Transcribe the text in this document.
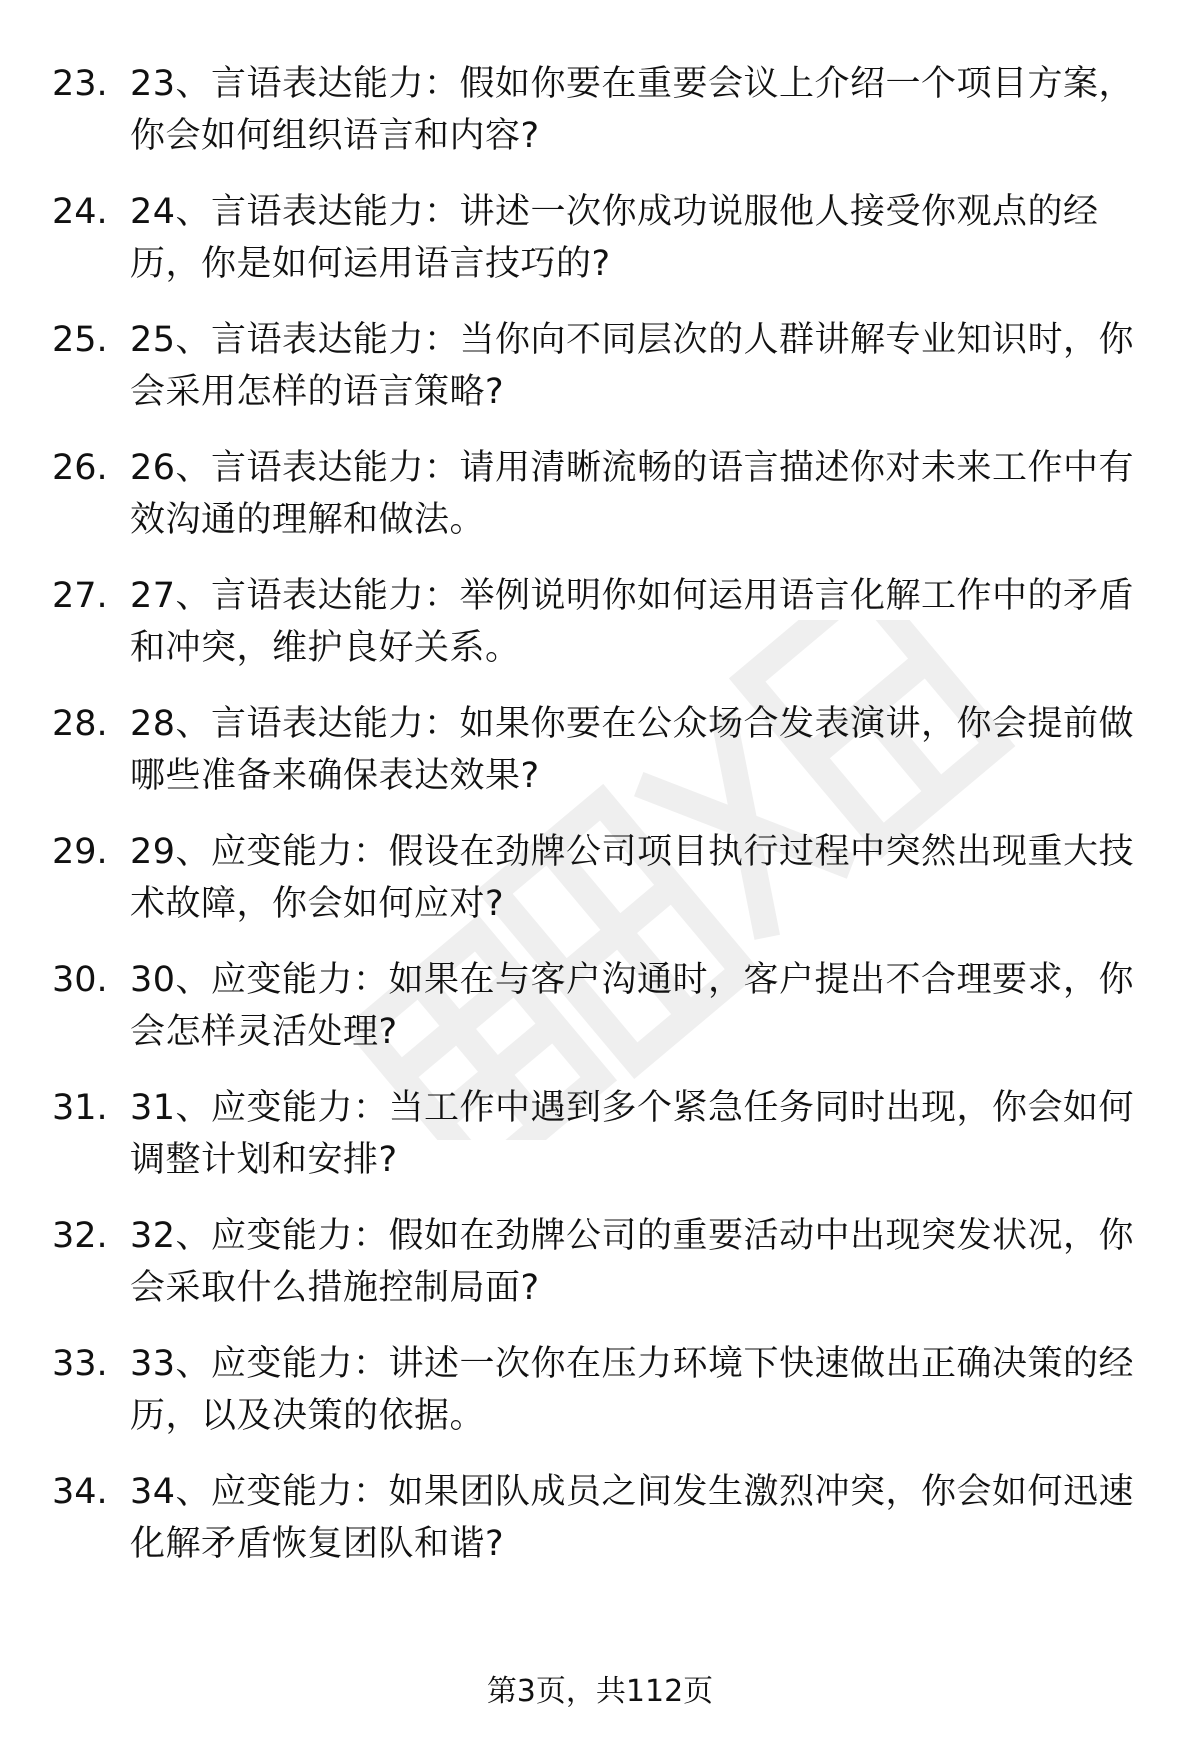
23. 23、言语表达能力：假如你要在重要会议上介绍一个项目方案，你会如何组织语言和内容?
24. 24、言语表达能力：讲述一次你成功说服他人接受你观点的经历，你是如何运用语言技巧的?
25. 25、言语表达能力：当你向不同层次的人群讲解专业知识时，你会采用怎样的语言策略?
26. 26、言语表达能力：请用清晰流畅的语言描述你对未来工作中有效沟通的理解和做法。
27. 27、言语表达能力：举例说明你如何运用语言化解工作中的矛盾和冲突，维护良好关系。
28. 28、言语表达能力：如果你要在公众场合发表演讲，你会提前做哪些准备来确保表达效果?
29. 29、应变能力：假设在劲牌公司项目执行过程中突然出现重大技术故障，你会如何应对?
30. 30、应变能力：如果在与客户沟通时，客户提出不合理要求，你会怎样灵活处理?
31. 31、应变能力：当工作中遇到多个紧急任务同时出现，你会如何调整计划和安排?
32. 32、应变能力：假如在劲牌公司的重要活动中出现突发状况，你会采取什么措施控制局面?
33. 33、应变能力：讲述一次你在压力环境下快速做出正确决策的经历，以及决策的依据。
34. 34、应变能力：如果团队成员之间发生激烈冲突，你会如何迅速化解矛盾恢复团队和谐?
第3页，共112页
